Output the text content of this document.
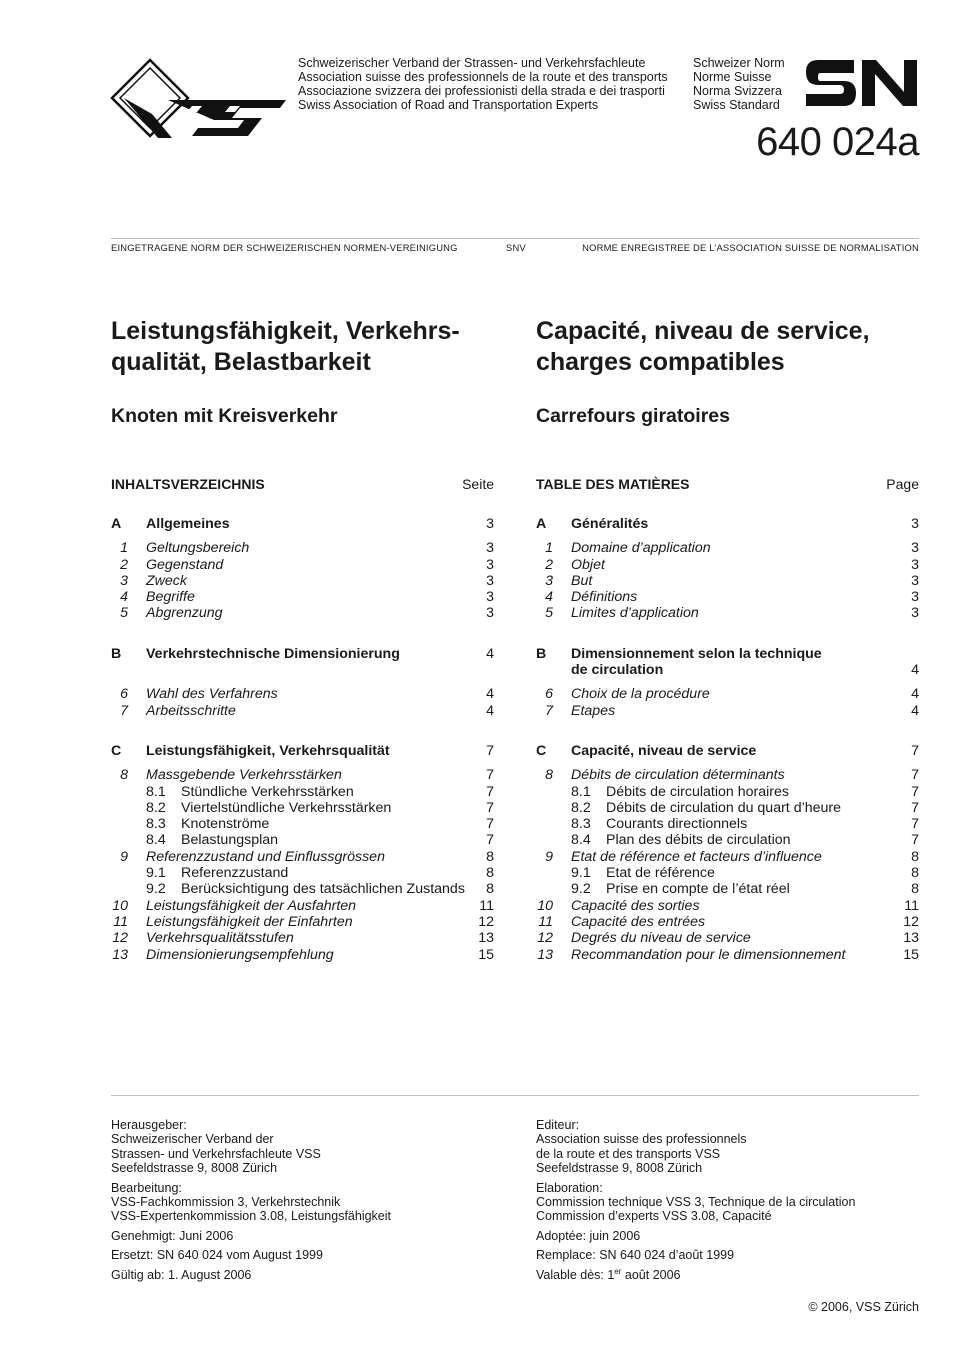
Schweizerischer Verband der Strassen- und Verkehrsfachleute
Association suisse des professionnels de la route et des transports
Associazione svizzera dei professionisti della strada e dei trasporti
Swiss Association of Road and Transportation Experts
Schweizer Norm
Norme Suisse
Norma Svizzera
Swiss Standard
640 024a
EINGETRAGENE NORM DER SCHWEIZERISCHEN NORMEN-VEREINIGUNG	SNV	NORME ENREGISTREE DE L’ASSOCIATION SUISSE DE NORMALISATION
Leistungsfähigkeit, Verkehrs-
qualität, Belastbarkeit
Knoten mit Kreisverkehr
INHALTSVERZEICHNIS	Seite
A	Allgemeines	3
1	Geltungsbereich	3
2	Gegenstand	3
3	Zweck	3
4	Begriffe	3
5	Abgrenzung	3
B	Verkehrstechnische Dimensionierung	4
6	Wahl des Verfahrens	4
7	Arbeitsschritte	4
C	Leistungsfähigkeit, Verkehrsqualität	7
8	Massgebende Verkehrsstärken	7
8.1 Stündliche Verkehrsstärken	7
8.2 Viertelstündliche Verkehrsstärken	7
8.3 Knotenströme	7
8.4 Belastungsplan	7
9	Referenzzustand und Einflussgrössen	8
9.1 Referenzzustand	8
9.2 Berücksichtigung des tatsächlichen Zustands	8
10	Leistungsfähigkeit der Ausfahrten	11
11	Leistungsfähigkeit der Einfahrten	12
12	Verkehrsqualitätsstufen	13
13	Dimensionierungsempfehlung	15
Capacité, niveau de service,
charges compatibles
Carrefours giratoires
TABLE DES MATIÈRES	Page
A	Généralités	3
1	Domaine d’application	3
2	Objet	3
3	But	3
4	Définitions	3
5	Limites d’application	3
B	Dimensionnement selon la technique
de circulation	4
6	Choix de la procédure	4
7	Etapes	4
C	Capacité, niveau de service	7
8	Débits de circulation déterminants	7
8.1 Débits de circulation horaires	7
8.2 Débits de circulation du quart d’heure	7
8.3 Courants directionnels	7
8.4 Plan des débits de circulation	7
9	Etat de référence et facteurs d’influence	8
9.1 Etat de référence	8
9.2 Prise en compte de l’état réel	8
10	Capacité des sorties	11
11	Capacité des entrées	12
12	Degrés du niveau de service	13
13	Recommandation pour le dimensionnement	15
Herausgeber:
Schweizerischer Verband der
Strassen- und Verkehrsfachleute VSS
Seefeldstrasse 9, 8008 Zürich
Bearbeitung:
VSS-Fachkommission 3, Verkehrstechnik
VSS-Expertenkommission 3.08, Leistungsfähigkeit
Genehmigt: Juni 2006
Ersetzt: SN 640 024 vom August 1999
Gültig ab: 1. August 2006
Editeur:
Association suisse des professionnels
de la route et des transports VSS
Seefeldstrasse 9, 8008 Zürich
Elaboration:
Commission technique VSS 3, Technique de la circulation
Commission d’experts VSS 3.08, Capacité
Adoptée: juin 2006
Remplace: SN 640 024 d’août 1999
Valable dès: 1er août 2006
© 2006, VSS Zürich
